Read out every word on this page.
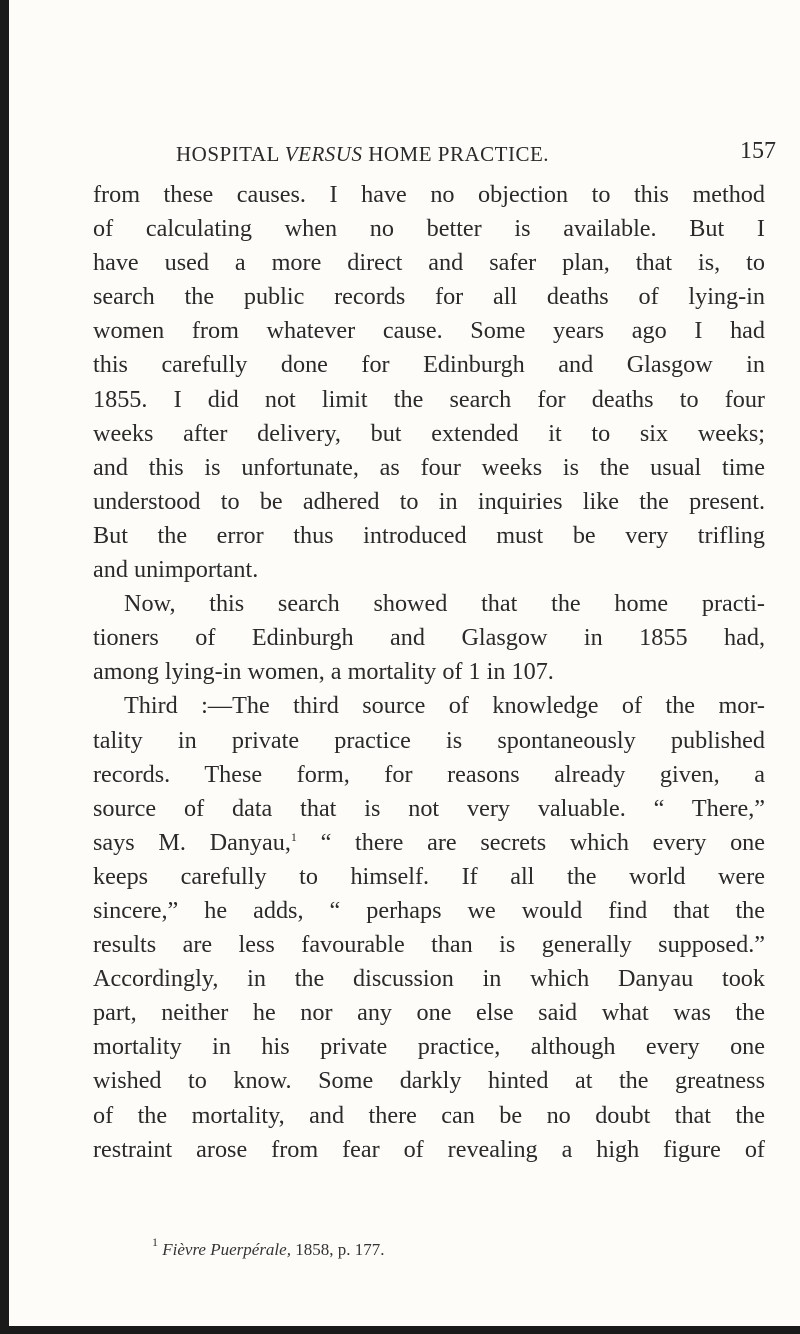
HOSPITAL VERSUS HOME PRACTICE.	157
from these causes. I have no objection to this method
of calculating when no better is available. But I
have used a more direct and safer plan, that is, to
search the public records for all deaths of lying-in
women from whatever cause. Some years ago I had
this carefully done for Edinburgh and Glasgow in
1855. I did not limit the search for deaths to four
weeks after delivery, but extended it to six weeks;
and this is unfortunate, as four weeks is the usual time
understood to be adhered to in inquiries like the present.
But the error thus introduced must be very trifling
and unimportant.
Now, this search showed that the home practi-
tioners of Edinburgh and Glasgow in 1855 had,
among lying-in women, a mortality of 1 in 107.
Third :—The third source of knowledge of the mor-
tality in private practice is spontaneously published
records. These form, for reasons already given, a
source of data that is not very valuable. “ There,”
says M. Danyau,$^1$ “ there are secrets which every one
keeps carefully to himself. If all the world were
sincere,” he adds, “ perhaps we would find that the
results are less favourable than is generally supposed.”
Accordingly, in the discussion in which Danyau took
part, neither he nor any one else said what was the
mortality in his private practice, although every one
wished to know. Some darkly hinted at the greatness
of the mortality, and there can be no doubt that the
restraint arose from fear of revealing a high figure of
$^1$ Fièvre Puerpérale, 1858, p. 177.
